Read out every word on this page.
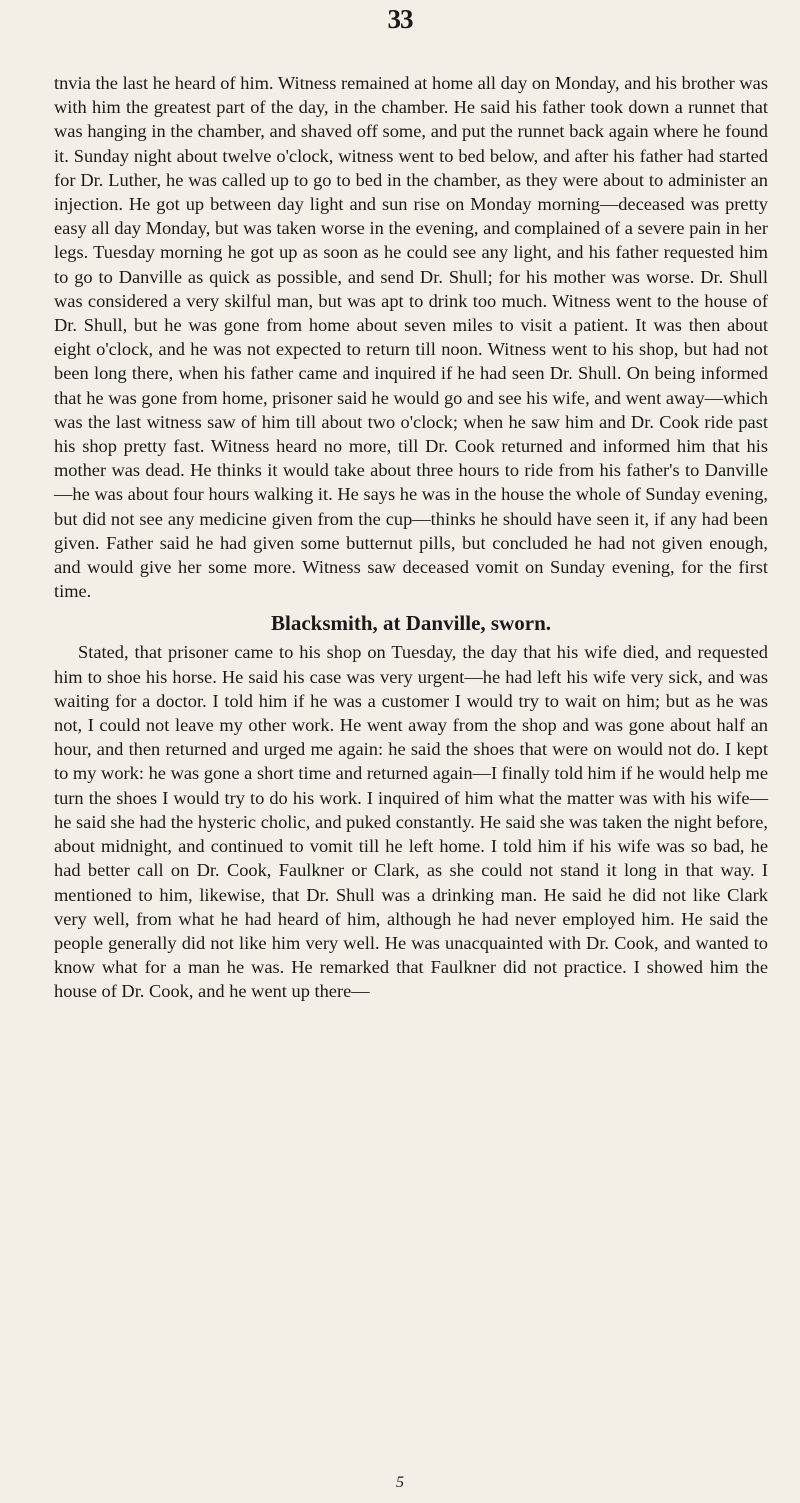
33

tnvia the last he heard of him. Witness remained at home all day on Monday, and his brother was with him the greatest part of the day, in the chamber. He said his father took down a runnet that was hanging in the chamber, and shaved off some, and put the runnet back again where he found it. Sunday night about twelve o'clock, witness went to bed below, and after his father had started for Dr. Luther, he was called up to go to bed in the chamber, as they were about to administer an injection. He got up between day light and sun rise on Monday morning—deceased was pretty easy all day Monday, but was taken worse in the evening, and complained of a severe pain in her legs. Tuesday morning he got up as soon as he could see any light, and his father requested him to go to Danville as quick as possible, and send Dr. Shull; for his mother was worse. Dr. Shull was considered a very skilful man, but was apt to drink too much. Witness went to the house of Dr. Shull, but he was gone from home about seven miles to visit a patient. It was then about eight o'clock, and he was not expected to return till noon. Witness went to his shop, but had not been long there, when his father came and inquired if he had seen Dr. Shull. On being informed that he was gone from home, prisoner said he would go and see his wife, and went away—which was the last witness saw of him till about two o'clock; when he saw him and Dr. Cook ride past his shop pretty fast. Witness heard no more, till Dr. Cook returned and informed him that his mother was dead. He thinks it would take about three hours to ride from his father's to Danville—he was about four hours walking it. He says he was in the house the whole of Sunday evening, but did not see any medicine given from the cup—thinks he should have seen it, if any had been given. Father said he had given some butternut pills, but concluded he had not given enough, and would give her some more. Witness saw deceased vomit on Sunday evening, for the first time.

Blacksmith, at Danville, sworn.

Stated, that prisoner came to his shop on Tuesday, the day that his wife died, and requested him to shoe his horse. He said his case was very urgent—he had left his wife very sick, and was waiting for a doctor. I told him if he was a customer I would try to wait on him; but as he was not, I could not leave my other work. He went away from the shop and was gone about half an hour, and then returned and urged me again: he said the shoes that were on would not do. I kept to my work: he was gone a short time and returned again—I finally told him if he would help me turn the shoes I would try to do his work. I inquired of him what the matter was with his wife—he said she had the hysteric cholic, and puked constantly. He said she was taken the night before, about midnight, and continued to vomit till he left home. I told him if his wife was so bad, he had better call on Dr. Cook, Faulkner or Clark, as she could not stand it long in that way. I mentioned to him, likewise, that Dr. Shull was a drinking man. He said he did not like Clark very well, from what he had heard of him, although he had never employed him. He said the people generally did not like him very well. He was unacquainted with Dr. Cook, and wanted to know what for a man he was. He remarked that Faulkner did not practice. I showed him the house of Dr. Cook, and he went up there—

5
